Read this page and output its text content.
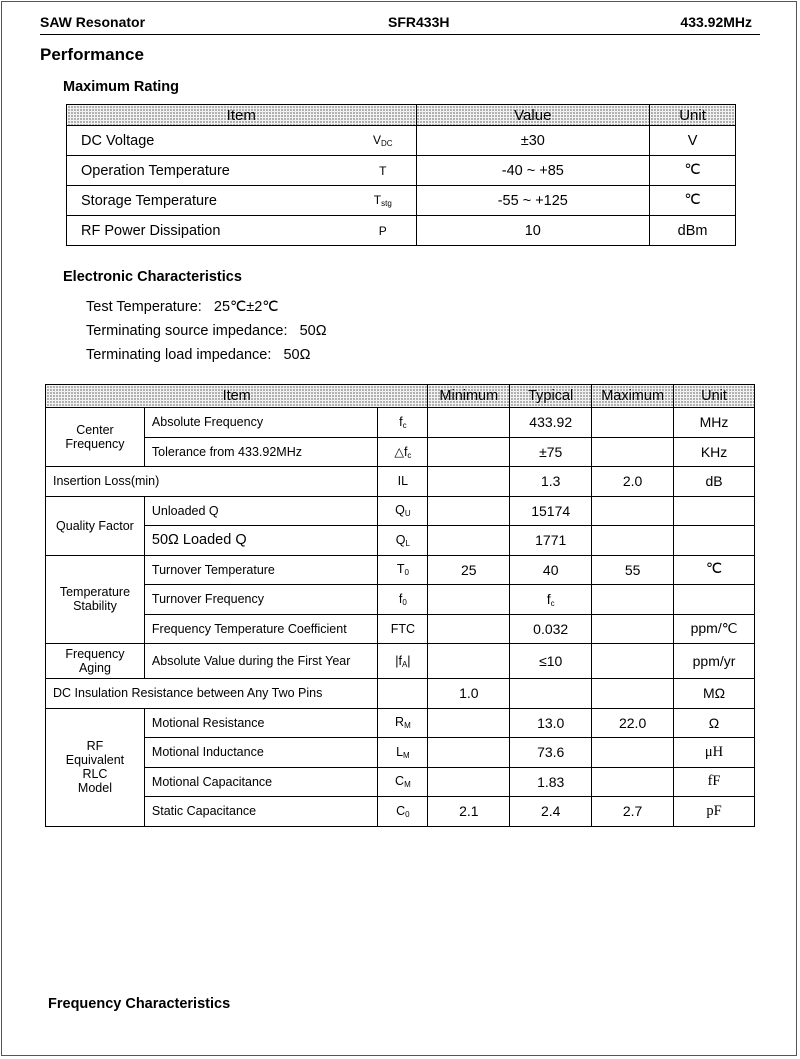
SAW Resonator	SFR433H	433.92MHz
Performance
Maximum Rating
Item		Value	Unit
DC Voltage	$V_{DC}$	±30	V
Operation Temperature	T	-40 ~ +85	℃
Storage Temperature	$T_{stg}$	-55 ~ +125	℃
RF Power Dissipation	P	10	dBm
Electronic Characteristics
Test Temperature:   25℃±2℃
Terminating source impedance:   50Ω
Terminating load impedance:   50Ω
Item			Minimum	Typical	Maximum	Unit
Center
Frequency	Absolute Frequency	$f_c$		433.92		MHz
	Tolerance from 433.92MHz	$\triangle f_c$		±75		KHz
Insertion Loss(min)		IL		1.3	2.0	dB
Quality Factor	Unloaded Q	$Q_U$		15174		
	50Ω Loaded Q	$Q_L$		1771		
Temperature
Stability	Turnover Temperature	$T_0$	25	40	55	℃
	Turnover Frequency	$f_0$		$f_c$		
	Frequency Temperature Coefficient	FTC		0.032		ppm/℃
Frequency
Aging	Absolute Value during the First Year	$|f_A|$		≤10		ppm/yr
DC Insulation Resistance between Any Two Pins			1.0			MΩ
RF
Equivalent
RLC
Model	Motional Resistance	$R_M$		13.0	22.0	Ω
	Motional Inductance	$L_M$		73.6		μH
	Motional Capacitance	$C_M$		1.83		fF
	Static Capacitance	$C_0$	2.1	2.4	2.7	pF
Frequency Characteristics
